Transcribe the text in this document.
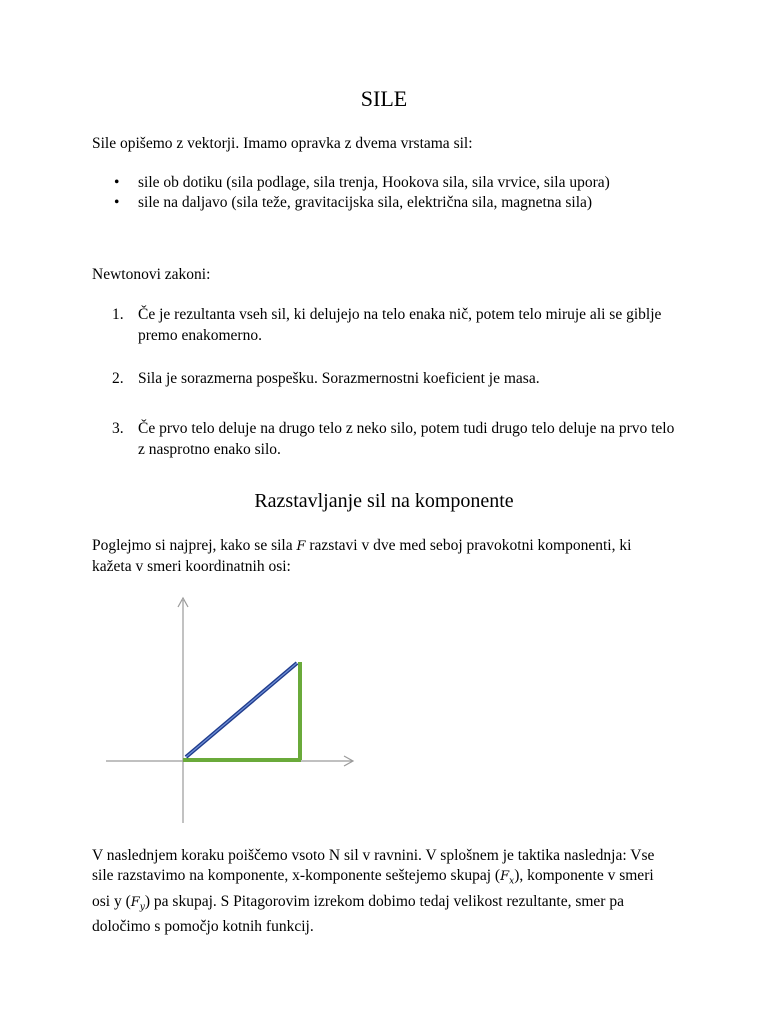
SILE

Sile opišemo z vektorji. Imamo opravka z dvema vrstama sil:

• sile ob dotiku (sila podlage, sila trenja, Hookova sila, sila vrvice, sila upora)
• sile na daljavo (sila teže, gravitacijska sila, električna sila, magnetna sila)

Newtonovi zakoni:

1. Če je rezultanta vseh sil, ki delujejo na telo enaka nič, potem telo miruje ali se giblje premo enakomerno.
2. Sila je sorazmerna pospešku. Sorazmernostni koeficient je masa.
3. Če prvo telo deluje na drugo telo z neko silo, potem tudi drugo telo deluje na prvo telo z nasprotno enako silo.
Razstavljanje sil na komponente

Poglejmo si najprej, kako se sila F razstavi v dve med seboj pravokotni komponenti, ki kažeta v smeri koordinatnih osi:

V naslednjem koraku poiščemo vsoto N sil v ravnini. V splošnem je taktika naslednja: Vse sile razstavimo na komponente, x-komponente seštejemo skupaj $(F_x)$, komponente v smeri osi y $(F_y)$ pa skupaj. S Pitagorovim izrekom dobimo tedaj velikost rezultante, smer pa določimo s pomočjo kotnih funkcij.
